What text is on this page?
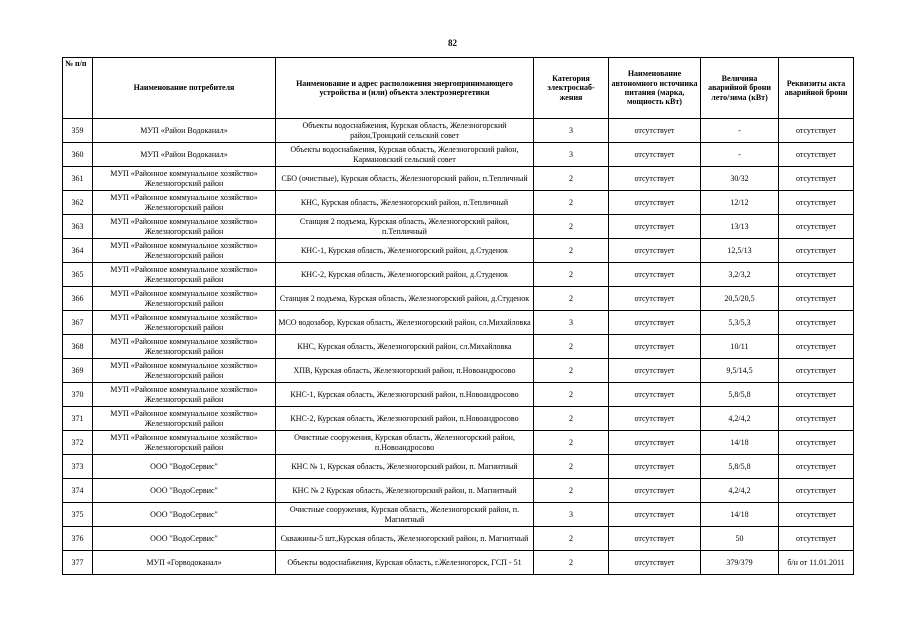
82
№ п/п	Наименование потребителя	Наименование и адрес расположения энергопринимающего устройства и (или) объекта электроэнергетики	Категория электроснаб-жения	Наименование автономного источника питания (марка, мощность кВт)	Величина аварийной брони лето/зима (кВт)	Реквизиты акта аварийной брони
359	МУП «Район Водоканал»	Объекты водоснабжения, Курская область, Железногорский район,Троицкий сельский совет	3	отсутствует	-	отсутствует
360	МУП «Район Водоканал»	Объекты водоснабжения, Курская область, Железногорский район, Кармановский сельский совет	3	отсутствует	-	отсутствует
361	МУП «Районное коммунальное хозяйство» Железногорский район	СБО (очистные), Курская область, Железногорский район, п.Тепличный	2	отсутствует	30/32	отсутствует
362	МУП «Районное коммунальное хозяйство» Железногорский район	КНС, Курская область, Железногорский район, п.Тепличный	2	отсутствует	12/12	отсутствует
363	МУП «Районное коммунальное хозяйство» Железногорский район	Станция 2 подъема, Курская область, Железногорский район, п.Тепличный	2	отсутствует	13/13	отсутствует
364	МУП «Районное коммунальное хозяйство» Железногорский район	КНС-1, Курская область, Железногорский район, д.Студенок	2	отсутствует	12,5/13	отсутствует
365	МУП «Районное коммунальное хозяйство» Железногорский район	КНС-2, Курская область, Железногорский район, д.Студенок	2	отсутствует	3,2/3,2	отсутствует
366	МУП «Районное коммунальное хозяйство» Железногорский район	Станция 2 подъема, Курская область, Железногорский район, д.Студенок	2	отсутствует	20,5/20,5	отсутствует
367	МУП «Районное коммунальное хозяйство» Железногорский район	МСО водозабор, Курская область, Железногорский район, сл.Михайловка	3	отсутствует	5,3/5,3	отсутствует
368	МУП «Районное коммунальное хозяйство» Железногорский район	КНС, Курская область, Железногорский район, сл.Михайловка	2	отсутствует	10/11	отсутствует
369	МУП «Районное коммунальное хозяйство» Железногорский район	ХПВ, Курская область, Железногорский район, п.Новоандросово	2	отсутствует	9,5/14,5	отсутствует
370	МУП «Районное коммунальное хозяйство» Железногорский район	КНС-1, Курская область, Железногорский район, п.Новоандросово	2	отсутствует	5,8/5,8	отсутствует
371	МУП «Районное коммунальное хозяйство» Железногорский район	КНС-2, Курская область, Железногорский район, п.Новоандросово	2	отсутствует	4,2/4,2	отсутствует
372	МУП «Районное коммунальное хозяйство» Железногорский район	Очистные сооружения, Курская область, Железногорский район, п.Новоандросово	2	отсутствует	14/18	отсутствует
373	ООО "ВодоСервис"	КНС № 1, Курская область, Железногорский район, п. Магнитный	2	отсутствует	5,8/5,8	отсутствует
374	ООО "ВодоСервис"	КНС № 2 Курская область, Железногорский район, п. Магнитный	2	отсутствует	4,2/4,2	отсутствует
375	ООО "ВодоСервис"	Очистные сооружения, Курская область, Железногорский район, п. Магнитный	3	отсутствует	14/18	отсутствует
376	ООО "ВодоСервис"	Скважины-5 шт.,Курская область, Железногорский район, п. Магнитный	2	отсутствует	50	отсутствует
377	МУП «Горводоканал»	Объекты водоснабжения, Курская область, г.Железногорск, ГСП - 51	2	отсутствует	379/379	б/н от 11.01.2011
